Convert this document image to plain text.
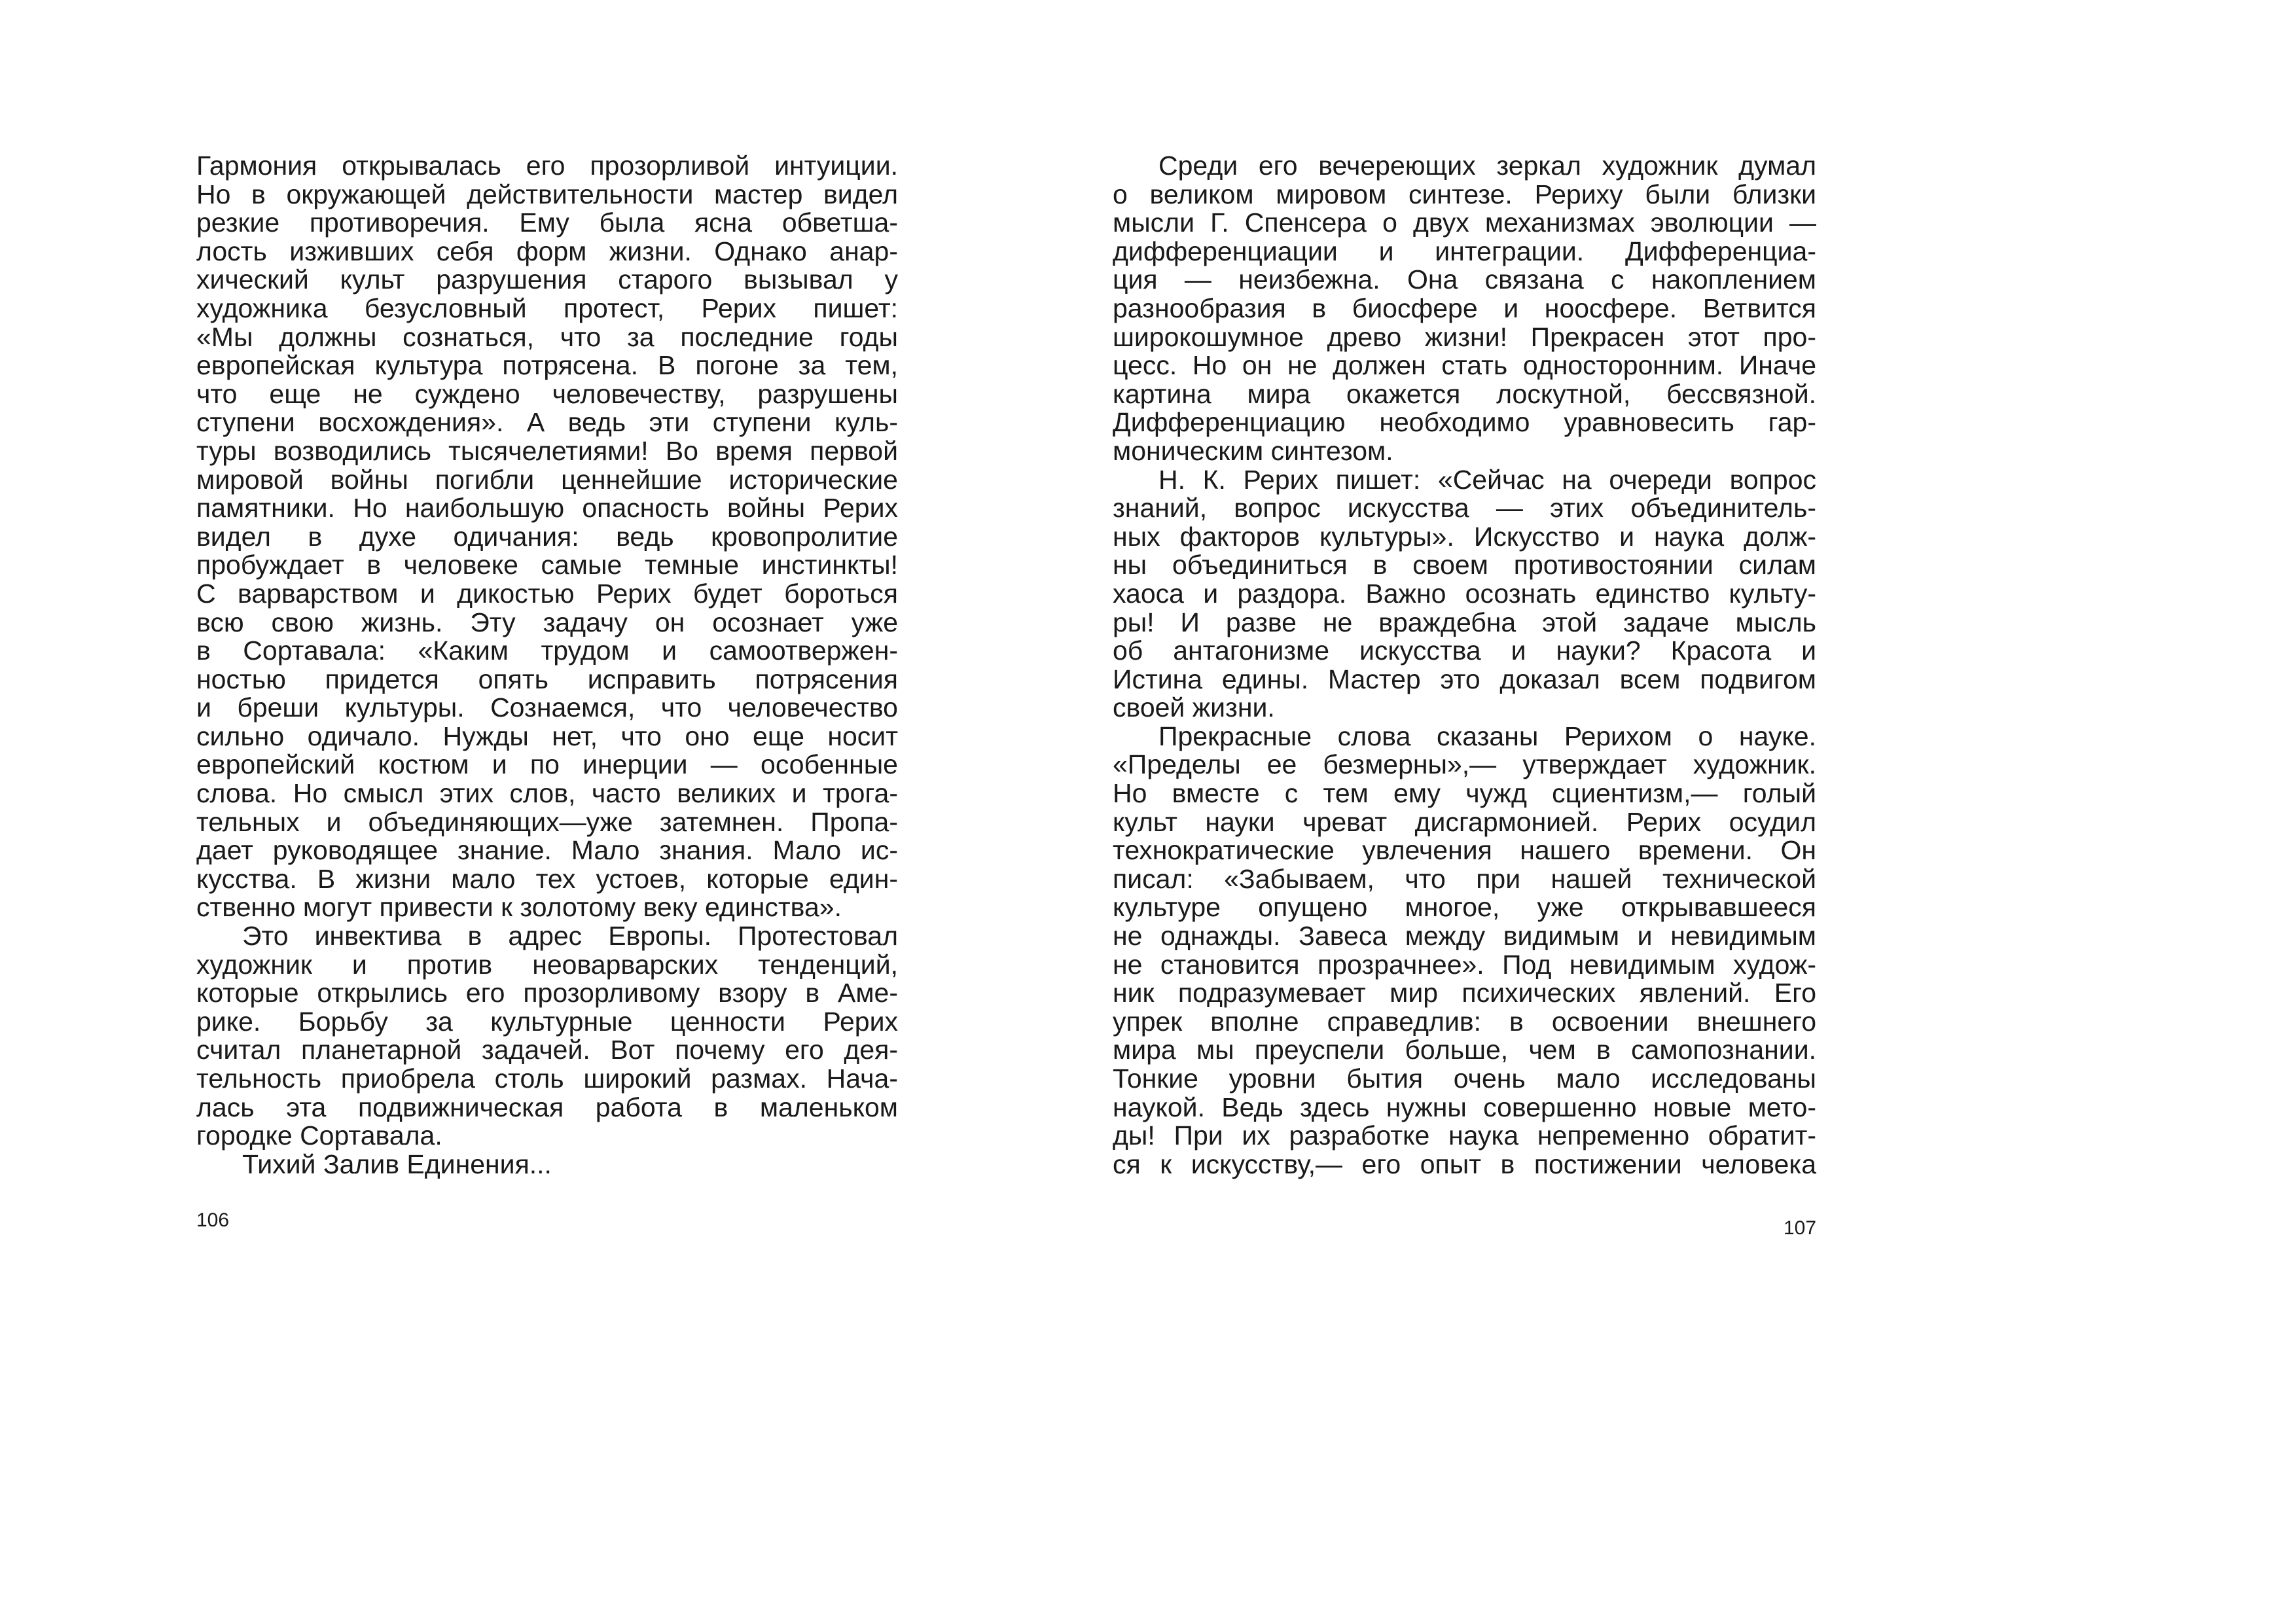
Гармония открывалась его прозорливой интуиции.
Но в окружающей действительности мастер видел
резкие противоречия. Ему была ясна обветша-
лость изживших себя форм жизни. Однако анар-
хический культ разрушения старого вызывал у
художника безусловный протест, Рерих пишет:
«Мы должны сознаться, что за последние годы
европейская культура потрясена. В погоне за тем,
что еще не суждено человечеству, разрушены
ступени восхождения». А ведь эти ступени куль-
туры возводились тысячелетиями! Во время первой
мировой войны погибли ценнейшие исторические
памятники. Но наибольшую опасность войны Рерих
видел в духе одичания: ведь кровопролитие
пробуждает в человеке самые темные инстинкты!
С варварством и дикостью Рерих будет бороться
всю свою жизнь. Эту задачу он осознает уже
в Сортавала: «Каким трудом и самоотвержен-
ностью придется опять исправить потрясения
и бреши культуры. Сознаемся, что человечество
сильно одичало. Нужды нет, что оно еще носит
европейский костюм и по инерции — особенные
слова. Но смысл этих слов, часто великих и трога-
тельных и объединяющих—уже затемнен. Пропа-
дает руководящее знание. Мало знания. Мало ис-
кусства. В жизни мало тех устоев, которые един-
ственно могут привести к золотому веку единства».
Это инвектива в адрес Европы. Протестовал
художник и против неоварварских тенденций,
которые открылись его прозорливому взору в Аме-
рике. Борьбу за культурные ценности Рерих
считал планетарной задачей. Вот почему его дея-
тельность приобрела столь широкий размах. Нача-
лась эта подвижническая работа в маленьком
городке Сортавала.
Тихий Залив Единения...
106
Среди его вечереющих зеркал художник думал
о великом мировом синтезе. Рериху были близки
мысли Г. Спенсера о двух механизмах эволюции —
дифференциации и интеграции. Дифференциа-
ция — неизбежна. Она связана с накоплением
разнообразия в биосфере и ноосфере. Ветвится
широкошумное древо жизни! Прекрасен этот про-
цесс. Но он не должен стать односторонним. Иначе
картина мира окажется лоскутной, бессвязной.
Дифференциацию необходимо уравновесить гар-
моническим синтезом.
Н. К. Рерих пишет: «Сейчас на очереди вопрос
знаний, вопрос искусства — этих объединитель-
ных факторов культуры». Искусство и наука долж-
ны объединиться в своем противостоянии силам
хаоса и раздора. Важно осознать единство культу-
ры! И разве не враждебна этой задаче мысль
об антагонизме искусства и науки? Красота и
Истина едины. Мастер это доказал всем подвигом
своей жизни.
Прекрасные слова сказаны Рерихом о науке.
«Пределы ее безмерны»,— утверждает художник.
Но вместе с тем ему чужд сциентизм,— голый
культ науки чреват дисгармонией. Рерих осудил
технократические увлечения нашего времени. Он
писал: «Забываем, что при нашей технической
культуре опущено многое, уже открывавшееся
не однажды. Завеса между видимым и невидимым
не становится прозрачнее». Под невидимым худож-
ник подразумевает мир психических явлений. Его
упрек вполне справедлив: в освоении внешнего
мира мы преуспели больше, чем в самопознании.
Тонкие уровни бытия очень мало исследованы
наукой. Ведь здесь нужны совершенно новые мето-
ды! При их разработке наука непременно обратит-
ся к искусству,— его опыт в постижении человека
107
